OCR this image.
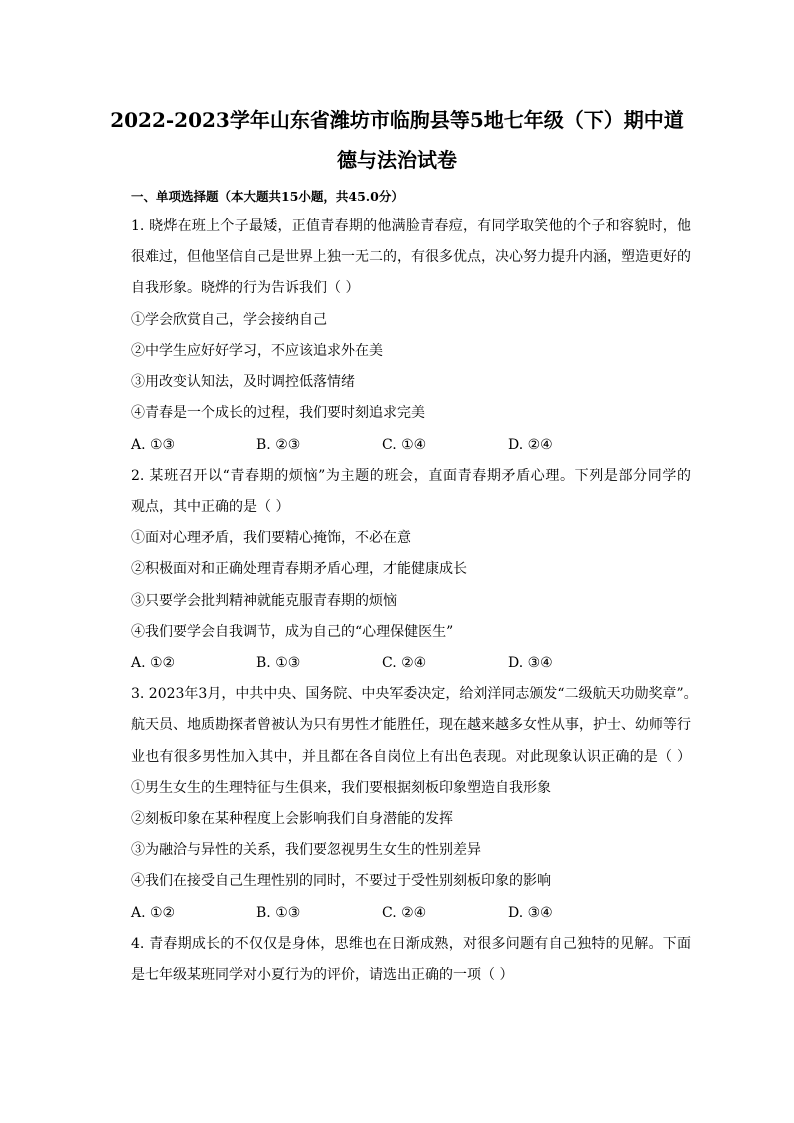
2022-2023学年山东省潍坊市临朐县等5地七年级（下）期中道
德与法治试卷
一、单项选择题（本大题共15小题，共45.0分）
1. 晓烨在班上个子最矮，正值青春期的他满脸青春痘，有同学取笑他的个子和容貌时，他
很难过，但他坚信自己是世界上独一无二的，有很多优点，决心努力提升内涵，塑造更好的
自我形象。晓烨的行为告诉我们（ ）
①学会欣赏自己，学会接纳自己
②中学生应好好学习，不应该追求外在美
③用改变认知法，及时调控低落情绪
④青春是一个成长的过程，我们要时刻追求完美
A. ①③	B. ②③	C. ①④	D. ②④
2. 某班召开以“青春期的烦恼”为主题的班会，直面青春期矛盾心理。下列是部分同学的
观点，其中正确的是（ ）
①面对心理矛盾，我们要精心掩饰，不必在意
②积极面对和正确处理青春期矛盾心理，才能健康成长
③只要学会批判精神就能克服青春期的烦恼
④我们要学会自我调节，成为自己的“心理保健医生”
A. ①②	B. ①③	C. ②④	D. ③④
3. 2023年3月，中共中央、国务院、中央军委决定，给刘洋同志颁发“二级航天功勋奖章”。
航天员、地质勘探者曾被认为只有男性才能胜任，现在越来越多女性从事，护士、幼师等行
业也有很多男性加入其中，并且都在各自岗位上有出色表现。对此现象认识正确的是（ ）
①男生女生的生理特征与生俱来，我们要根据刻板印象塑造自我形象
②刻板印象在某种程度上会影响我们自身潜能的发挥
③为融洽与异性的关系，我们要忽视男生女生的性别差异
④我们在接受自己生理性别的同时，不要过于受性别刻板印象的影响
A. ①②	B. ①③	C. ②④	D. ③④
4. 青春期成长的不仅仅是身体，思维也在日渐成熟，对很多问题有自己独特的见解。下面
是七年级某班同学对小夏行为的评价，请选出正确的一项（ ）
